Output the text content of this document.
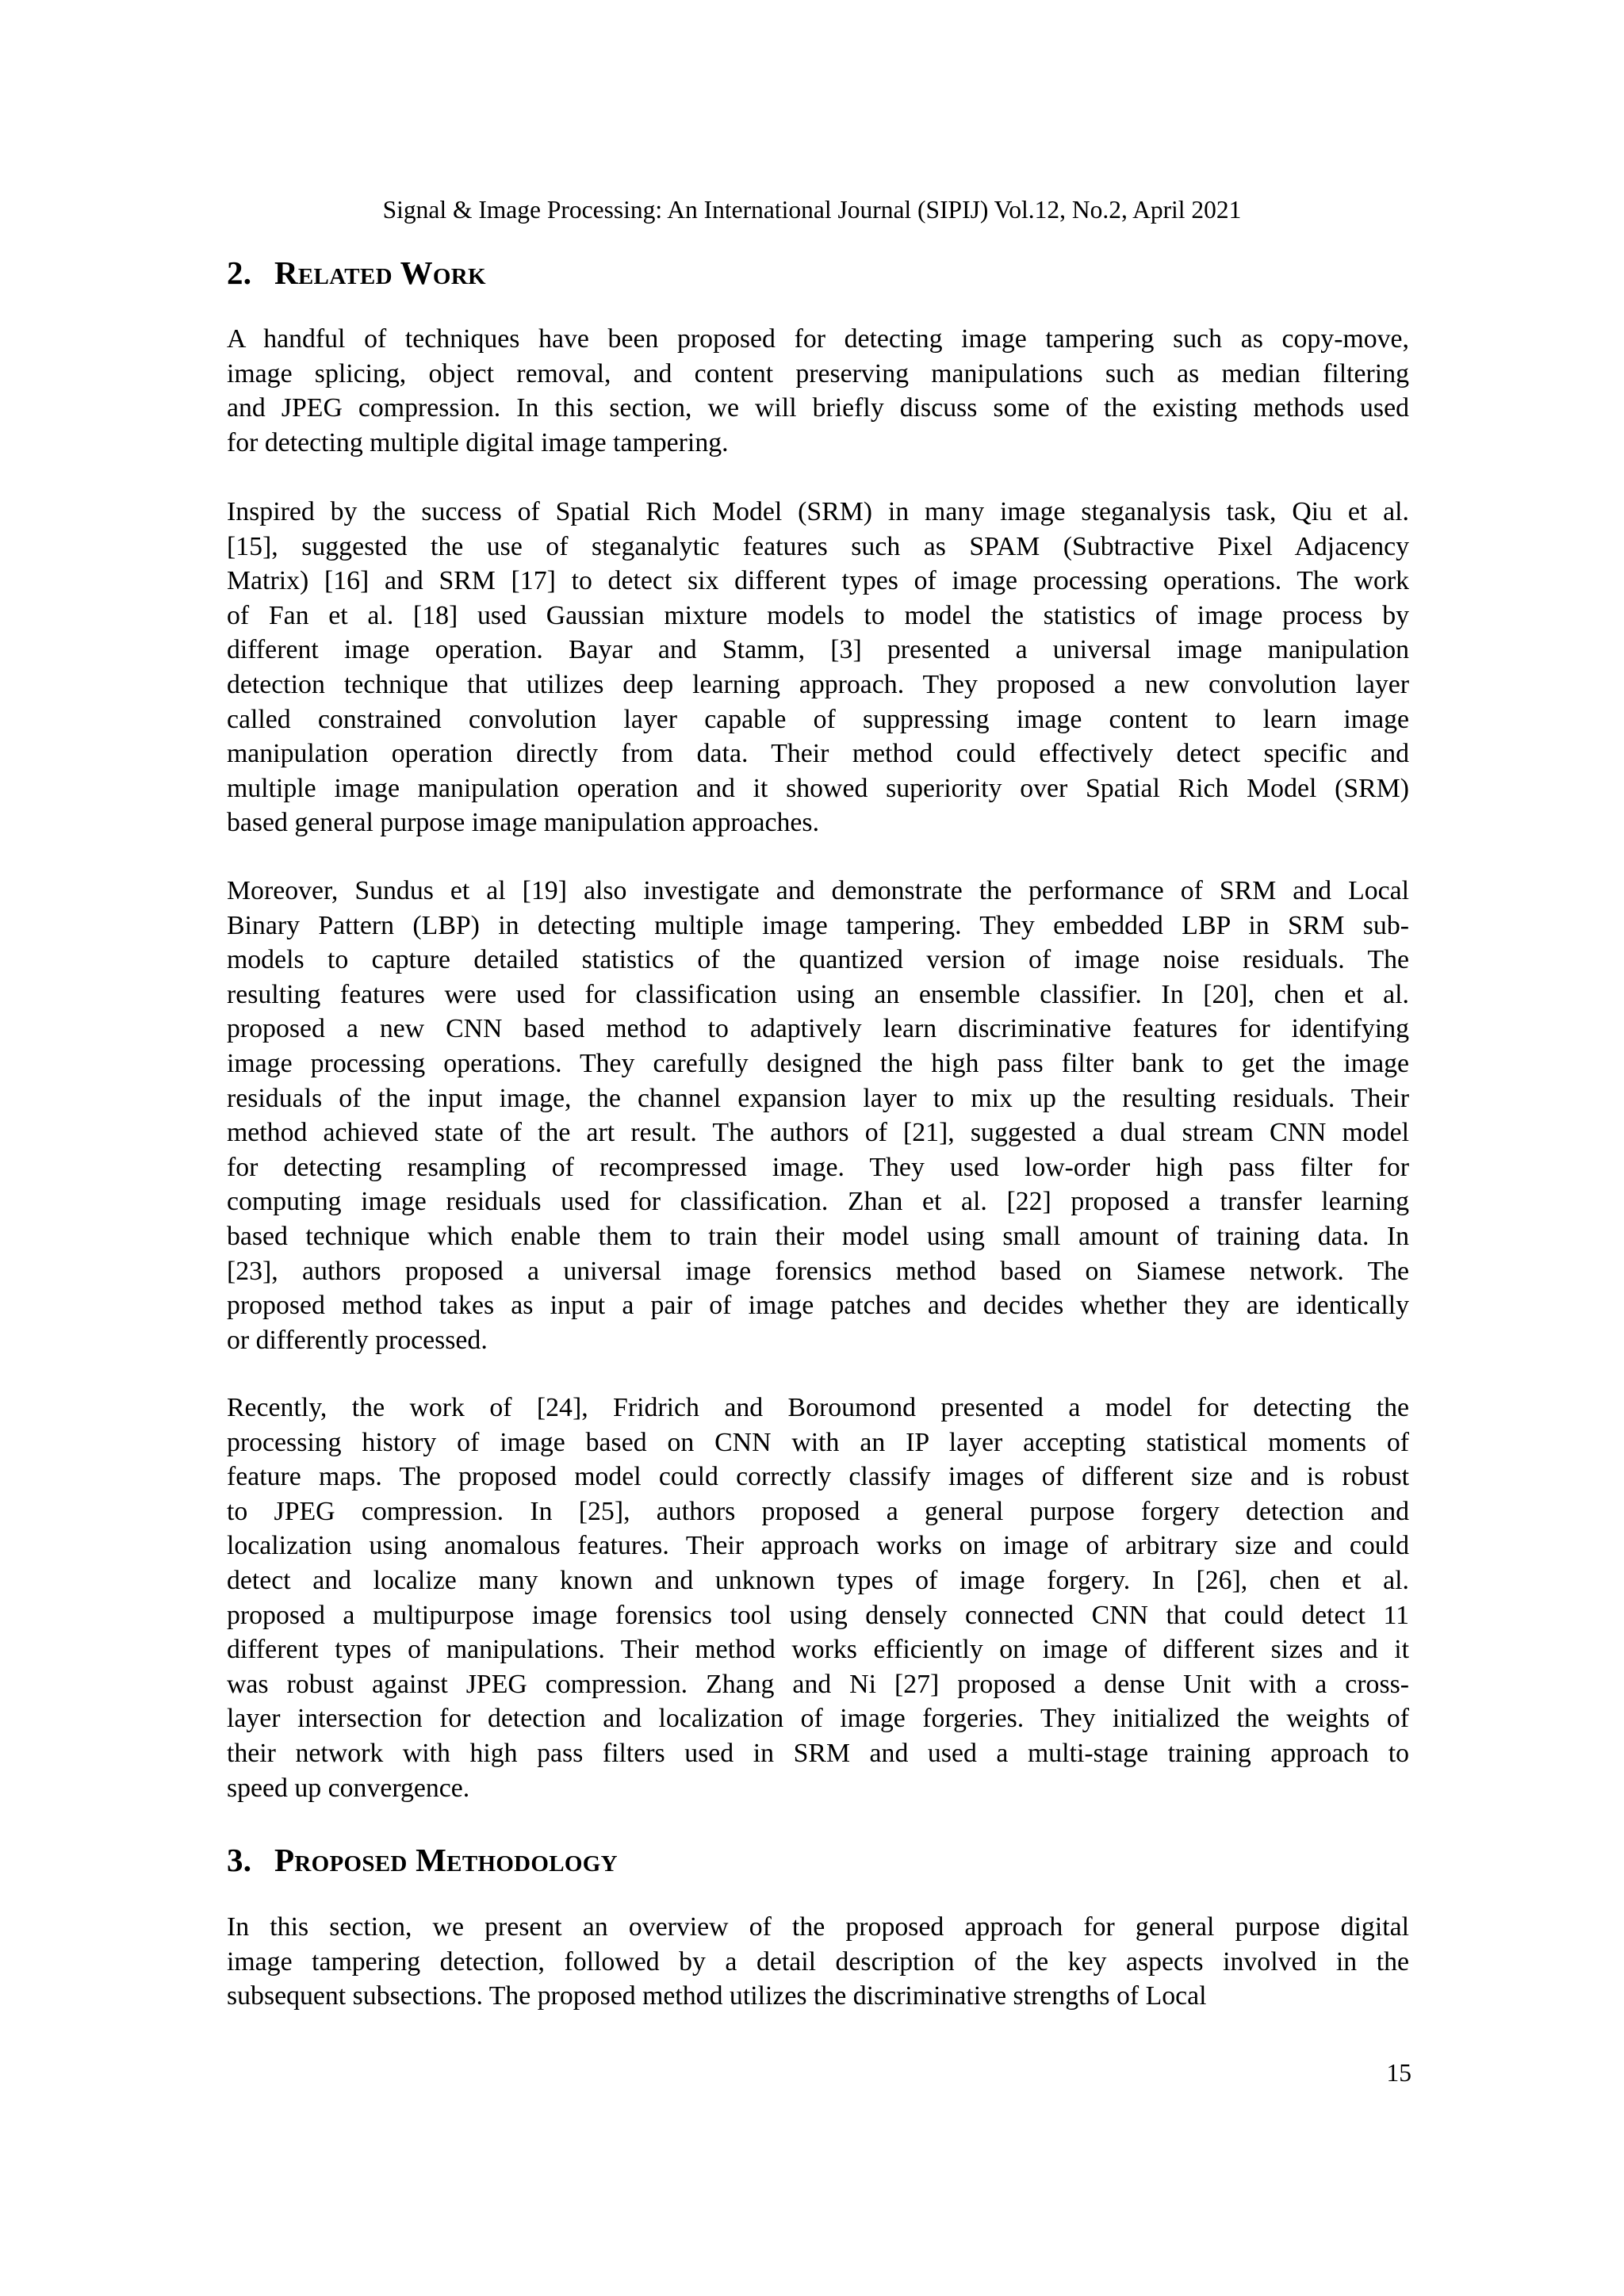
Signal & Image Processing: An International Journal (SIPIJ) Vol.12, No.2, April 2021
2. Related Work
A handful of techniques have been proposed for detecting image tampering such as copy-move,
image splicing, object removal, and content preserving manipulations such as median filtering
and JPEG compression. In this section, we will briefly discuss some of the existing methods used
for detecting multiple digital image tampering.
Inspired by the success of Spatial Rich Model (SRM) in many image steganalysis task, Qiu et al.
[15], suggested the use of steganalytic features such as SPAM (Subtractive Pixel Adjacency
Matrix) [16] and SRM [17] to detect six different types of image processing operations. The work
of Fan et al. [18] used Gaussian mixture models to model the statistics of image process by
different image operation. Bayar and Stamm, [3] presented a universal image manipulation
detection technique that utilizes deep learning approach. They proposed a new convolution layer
called constrained convolution layer capable of suppressing image content to learn image
manipulation operation directly from data. Their method could effectively detect specific and
multiple image manipulation operation and it showed superiority over Spatial Rich Model (SRM)
based general purpose image manipulation approaches.
Moreover, Sundus et al [19] also investigate and demonstrate the performance of SRM and Local
Binary Pattern (LBP) in detecting multiple image tampering. They embedded LBP in SRM sub-
models to capture detailed statistics of the quantized version of image noise residuals. The
resulting features were used for classification using an ensemble classifier. In [20], chen et al.
proposed a new CNN based method to adaptively learn discriminative features for identifying
image processing operations. They carefully designed the high pass filter bank to get the image
residuals of the input image, the channel expansion layer to mix up the resulting residuals. Their
method achieved state of the art result. The authors of [21], suggested a dual stream CNN model
for detecting resampling of recompressed image. They used low-order high pass filter for
computing image residuals used for classification. Zhan et al. [22] proposed a transfer learning
based technique which enable them to train their model using small amount of training data. In
[23], authors proposed a universal image forensics method based on Siamese network. The
proposed method takes as input a pair of image patches and decides whether they are identically
or differently processed.
Recently, the work of [24], Fridrich and Boroumond presented a model for detecting the
processing history of image based on CNN with an IP layer accepting statistical moments of
feature maps. The proposed model could correctly classify images of different size and is robust
to JPEG compression. In [25], authors proposed a general purpose forgery detection and
localization using anomalous features. Their approach works on image of arbitrary size and could
detect and localize many known and unknown types of image forgery. In [26], chen et al.
proposed a multipurpose image forensics tool using densely connected CNN that could detect 11
different types of manipulations. Their method works efficiently on image of different sizes and it
was robust against JPEG compression. Zhang and Ni [27] proposed a dense Unit with a cross-
layer intersection for detection and localization of image forgeries. They initialized the weights of
their network with high pass filters used in SRM and used a multi-stage training approach to
speed up convergence.
3. Proposed Methodology
In this section, we present an overview of the proposed approach for general purpose digital
image tampering detection, followed by a detail description of the key aspects involved in the
subsequent subsections. The proposed method utilizes the discriminative strengths of Local
15
